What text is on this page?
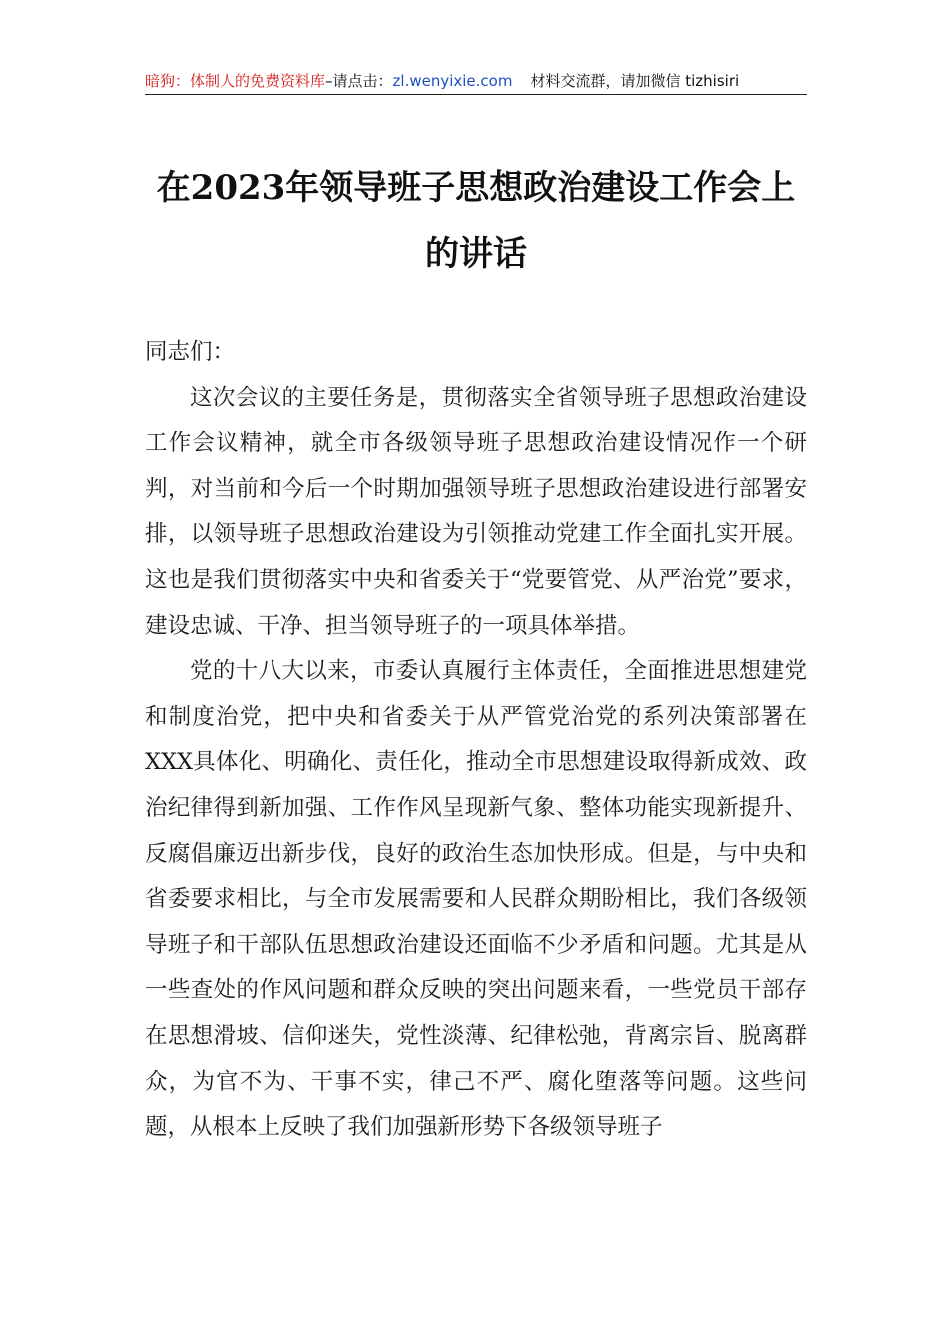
暗狗：体制人的免费资料库–请点击：zl.wenyixie.com 材料交流群，请加微信 tizhisiri
在2023年领导班子思想政治建设工作会上
的讲话

同志们：

这次会议的主要任务是，贯彻落实全省领导班子思想政治建设工作会议精神，就全市各级领导班子思想政治建设情况作一个研判，对当前和今后一个时期加强领导班子思想政治建设进行部署安排，以领导班子思想政治建设为引领推动党建工作全面扎实开展。这也是我们贯彻落实中央和省委关于“党要管党、从严治党”要求，建设忠诚、干净、担当领导班子的一项具体举措。

党的十八大以来，市委认真履行主体责任，全面推进思想建党和制度治党，把中央和省委关于从严管党治党的系列决策部署在XXX具体化、明确化、责任化，推动全市思想建设取得新成效、政治纪律得到新加强、工作作风呈现新气象、整体功能实现新提升、反腐倡廉迈出新步伐，良好的政治生态加快形成。但是，与中央和省委要求相比，与全市发展需要和人民群众期盼相比，我们各级领导班子和干部队伍思想政治建设还面临不少矛盾和问题。尤其是从一些查处的作风问题和群众反映的突出问题来看，一些党员干部存在思想滑坡、信仰迷失，党性淡薄、纪律松弛，背离宗旨、脱离群众，为官不为、干事不实，律己不严、腐化堕落等问题。这些问题，从根本上反映了我们加强新形势下各级领导班子
